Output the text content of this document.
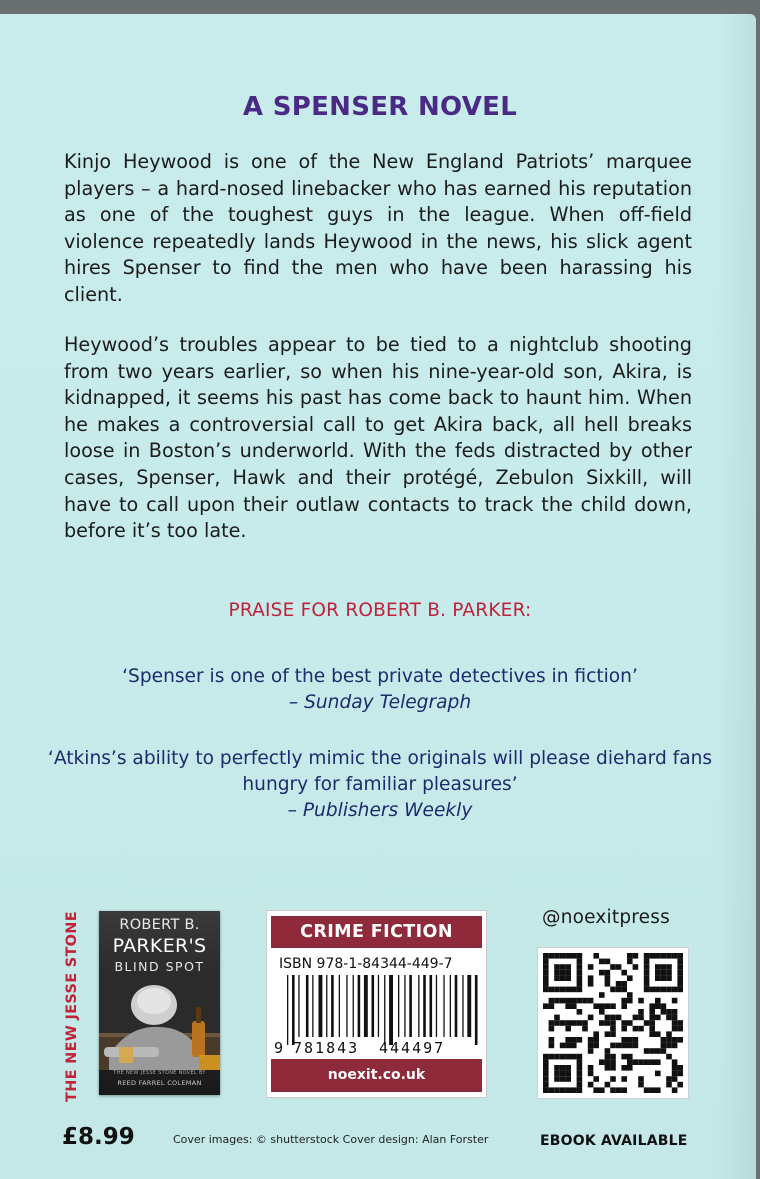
A SPENSER NOVEL

Kinjo Heywood is one of the New England Patriots’ marquee players – a hard-nosed linebacker who has earned his reputation as one of the toughest guys in the league. When off-field violence repeatedly lands Heywood in the news, his slick agent hires Spenser to find the men who have been harassing his client.

Heywood’s troubles appear to be tied to a nightclub shooting from two years earlier, so when his nine-year-old son, Akira, is kidnapped, it seems his past has come back to haunt him. When he makes a controversial call to get Akira back, all hell breaks loose in Boston’s underworld. With the feds distracted by other cases, Spenser, Hawk and their protégé, Zebulon Sixkill, will have to call upon their outlaw contacts to track the child down, before it’s too late.

PRAISE FOR ROBERT B. PARKER:
‘Spenser is one of the best private detectives in fiction’
– Sunday Telegraph
‘Atkins’s ability to perfectly mimic the originals will please diehard fans hungry for familiar pleasures’
– Publishers Weekly
THE NEW JESSE STONE	ROBERT B.
PARKER'S
BLIND SPOT
THE NEW JESSE STONE NOVEL BY
REED FARREL COLEMAN
CRIME FICTION
ISBN 978-1-84344-449-7
9 781843 444497
noexit.co.uk
@noexitpress
£8.99	Cover images: © shutterstock Cover design: Alan Forster	EBOOK AVAILABLE
